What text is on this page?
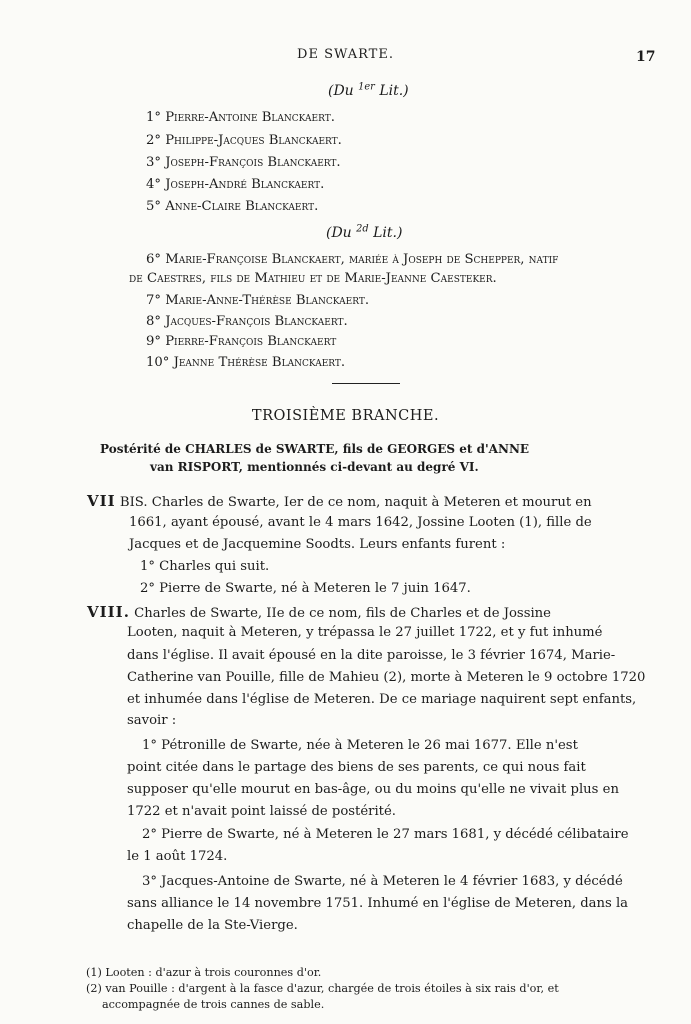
DE SWARTE.	17
(Du $^{1er}$ Lit.)
1° Pierre-Antoine Blanckaert.
2° Philippe-Jacques Blanckaert.
3° Joseph-François Blanckaert.
4° Joseph-André Blanckaert.
5° Anne-Claire Blanckaert.
(Du $^{2d}$ Lit.)
6° Marie-Françoise Blanckaert, mariée à Joseph de Schepper, natif
de Caestres, fils de Mathieu et de Marie-Jeanne Caesteker.
7° Marie-Anne-Thérèse Blanckaert.
8° Jacques-François Blanckaert.
9° Pierre-François Blanckaert
10° Jeanne Thérèse Blanckaert.
TROISIÈME BRANCHE.
Postérité de CHARLES de SWARTE, fils de GEORGES et d'ANNE
van RISPORT, mentionnés ci-devant au degré VI.
VII BIS. Charles de Swarte, Ier de ce nom, naquit à Meteren et mourut en
1661, ayant épousé, avant le 4 mars 1642, Jossine Looten (1), fille de
Jacques et de Jacquemine Soodts. Leurs enfants furent :
1° Charles qui suit.
2° Pierre de Swarte, né à Meteren le 7 juin 1647.
VIII. Charles de Swarte, IIe de ce nom, fils de Charles et de Jossine
Looten, naquit à Meteren, y trépassa le 27 juillet 1722, et y fut inhumé
dans l'église. Il avait épousé en la dite paroisse, le 3 février 1674, Marie-
Catherine van Pouille, fille de Mahieu (2), morte à Meteren le 9 octobre 1720
et inhumée dans l'église de Meteren. De ce mariage naquirent sept enfants,
savoir :
1° Pétronille de Swarte, née à Meteren le 26 mai 1677. Elle n'est
point citée dans le partage des biens de ses parents, ce qui nous fait
supposer qu'elle mourut en bas-âge, ou du moins qu'elle ne vivait plus en
1722 et n'avait point laissé de postérité.
2° Pierre de Swarte, né à Meteren le 27 mars 1681, y décédé célibataire
le 1 août 1724.
3° Jacques-Antoine de Swarte, né à Meteren le 4 février 1683, y décédé
sans alliance le 14 novembre 1751. Inhumé en l'église de Meteren, dans la
chapelle de la Ste-Vierge.
(1) Looten : d'azur à trois couronnes d'or.
(2) van Pouille : d'argent à la fasce d'azur, chargée de trois étoiles à six rais d'or, et
accompagnée de trois cannes de sable.
